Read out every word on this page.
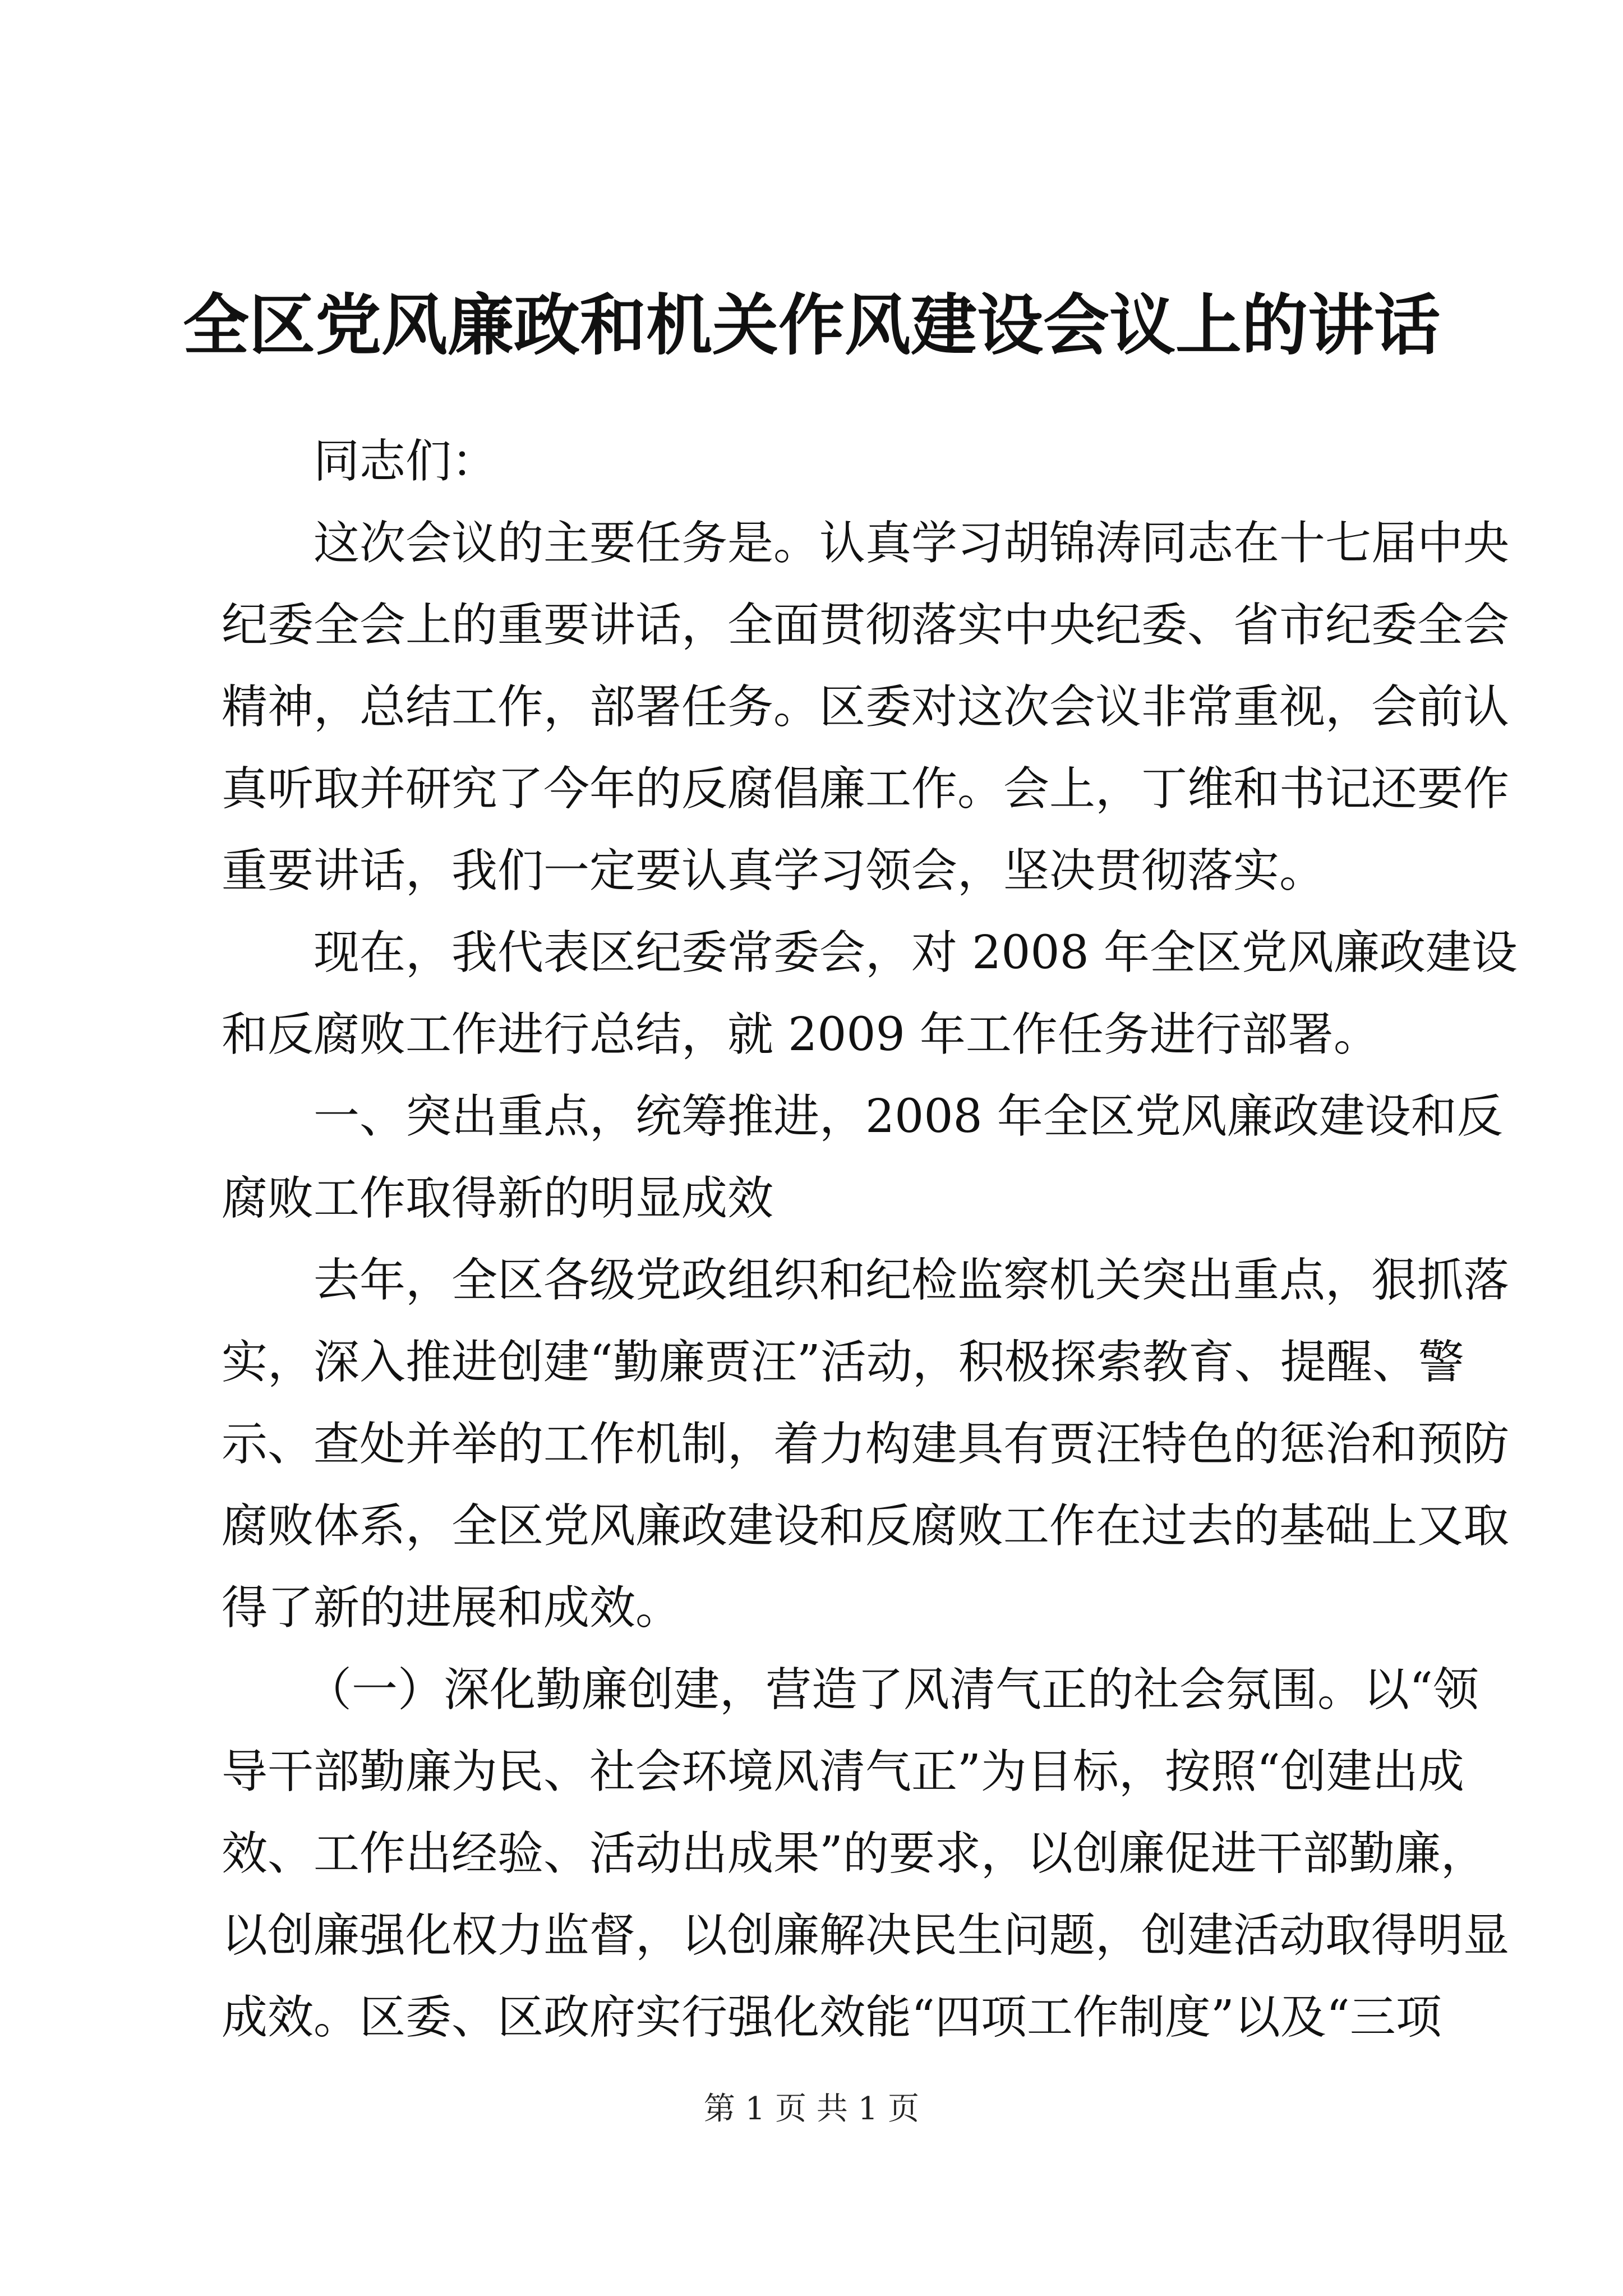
全区党风廉政和机关作风建设会议上的讲话
同志们：
这次会议的主要任务是。认真学习胡锦涛同志在十七届中央
纪委全会上的重要讲话，全面贯彻落实中央纪委、省市纪委全会
精神，总结工作，部署任务。区委对这次会议非常重视，会前认
真听取并研究了今年的反腐倡廉工作。会上，丁维和书记还要作
重要讲话，我们一定要认真学习领会，坚决贯彻落实。
现在，我代表区纪委常委会，对 2008 年全区党风廉政建设
和反腐败工作进行总结，就 2009 年工作任务进行部署。
一、突出重点，统筹推进，2008 年全区党风廉政建设和反
腐败工作取得新的明显成效
去年，全区各级党政组织和纪检监察机关突出重点，狠抓落
实，深入推进创建“勤廉贾汪”活动，积极探索教育、提醒、警
示、查处并举的工作机制，着力构建具有贾汪特色的惩治和预防
腐败体系，全区党风廉政建设和反腐败工作在过去的基础上又取
得了新的进展和成效。
（一）深化勤廉创建，营造了风清气正的社会氛围。以“领
导干部勤廉为民、社会环境风清气正”为目标，按照“创建出成
效、工作出经验、活动出成果”的要求，以创廉促进干部勤廉，
以创廉强化权力监督，以创廉解决民生问题，创建活动取得明显
成效。区委、区政府实行强化效能“四项工作制度”以及“三项
第 1 页 共 1 页
